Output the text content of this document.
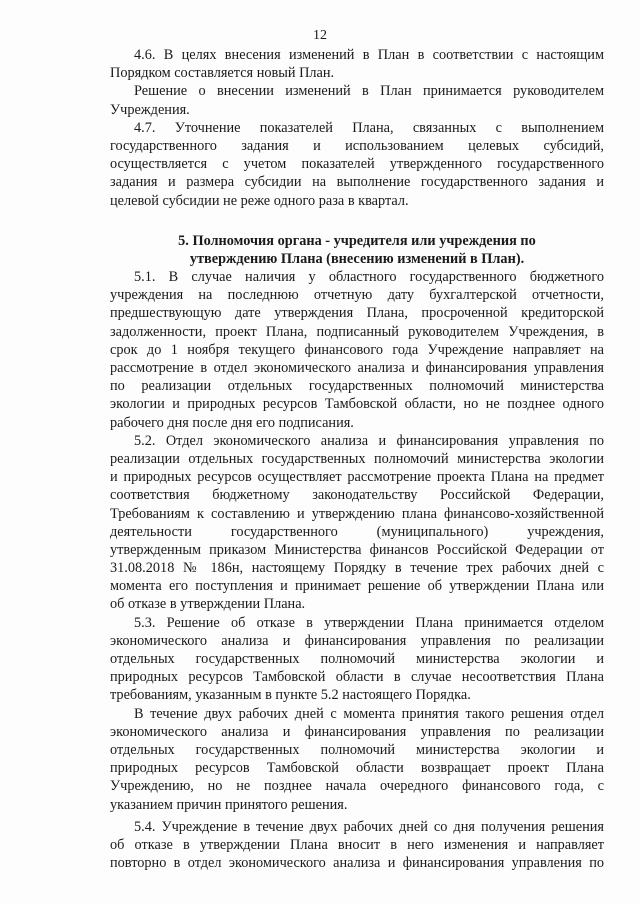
12
4.6. В целях внесения изменений в План в соответствии с настоящим
Порядком составляется новый План.
Решение о внесении изменений в План принимается руководителем
Учреждения.
4.7. Уточнение показателей Плана, связанных с выполнением
государственного задания и использованием целевых субсидий,
осуществляется с учетом показателей утвержденного государственного
задания и размера субсидии на выполнение государственного задания и
целевой субсидии не реже одного раза в квартал.
5. Полномочия органа - учредителя или учреждения по
утверждению Плана (внесению изменений в План).
5.1. В случае наличия у областного государственного бюджетного
учреждения на последнюю отчетную дату бухгалтерской отчетности,
предшествующую дате утверждения Плана, просроченной кредиторской
задолженности, проект Плана, подписанный руководителем Учреждения, в
срок до 1 ноября текущего финансового года Учреждение направляет на
рассмотрение в отдел экономического анализа и финансирования управления
по реализации отдельных государственных полномочий министерства
экологии и природных ресурсов Тамбовской области, но не позднее одного
рабочего дня после дня его подписания.
5.2. Отдел экономического анализа и финансирования управления по
реализации отдельных государственных полномочий министерства экологии
и природных ресурсов осуществляет рассмотрение проекта Плана на предмет
соответствия бюджетному законодательству Российской Федерации,
Требованиям к составлению и утверждению плана финансово-хозяйственной
деятельности государственного (муниципального) учреждения,
утвержденным приказом Министерства финансов Российской Федерации от
31.08.2018 № 186н, настоящему Порядку в течение трех рабочих дней с
момента его поступления и принимает решение об утверждении Плана или
об отказе в утверждении Плана.
5.3. Решение об отказе в утверждении Плана принимается отделом
экономического анализа и финансирования управления по реализации
отдельных государственных полномочий министерства экологии и
природных ресурсов Тамбовской области в случае несоответствия Плана
требованиям, указанным в пункте 5.2 настоящего Порядка.
В течение двух рабочих дней с момента принятия такого решения отдел
экономического анализа и финансирования управления по реализации
отдельных государственных полномочий министерства экологии и
природных ресурсов Тамбовской области возвращает проект Плана
Учреждению, но не позднее начала очередного финансового года, с
указанием причин принятого решения.
5.4. Учреждение в течение двух рабочих дней со дня получения решения
об отказе в утверждении Плана вносит в него изменения и направляет
повторно в отдел экономического анализа и финансирования управления по
